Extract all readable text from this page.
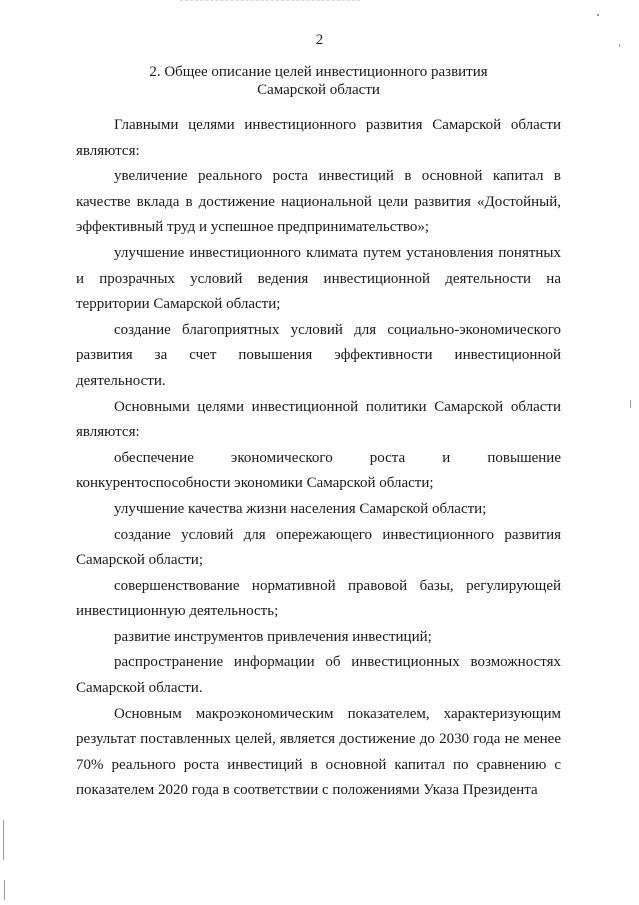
2
2. Общее описание целей инвестиционного развития
Самарской области

Главными целями инвестиционного развития Самарской области являются:

увеличение реального роста инвестиций в основной капитал в качестве вклада в достижение национальной цели развития «Достойный, эффективный труд и успешное предпринимательство»;

улучшение инвестиционного климата путем установления понятных и прозрачных условий ведения инвестиционной деятельности на территории Самарской области;

создание благоприятных условий для социально-экономического развития за счет повышения эффективности инвестиционной деятельности.

Основными целями инвестиционной политики Самарской области являются:

обеспечение экономического роста и повышение конкурентоспособности экономики Самарской области;

улучшение качества жизни населения Самарской области;

создание условий для опережающего инвестиционного развития Самарской области;

совершенствование нормативной правовой базы, регулирующей инвестиционную деятельность;

развитие инструментов привлечения инвестиций;

распространение информации об инвестиционных возможностях Самарской области.

Основным макроэкономическим показателем, характеризующим результат поставленных целей, является достижение до 2030 года не менее 70% реального роста инвестиций в основной капитал по сравнению с показателем 2020 года в соответствии с положениями Указа Президента
